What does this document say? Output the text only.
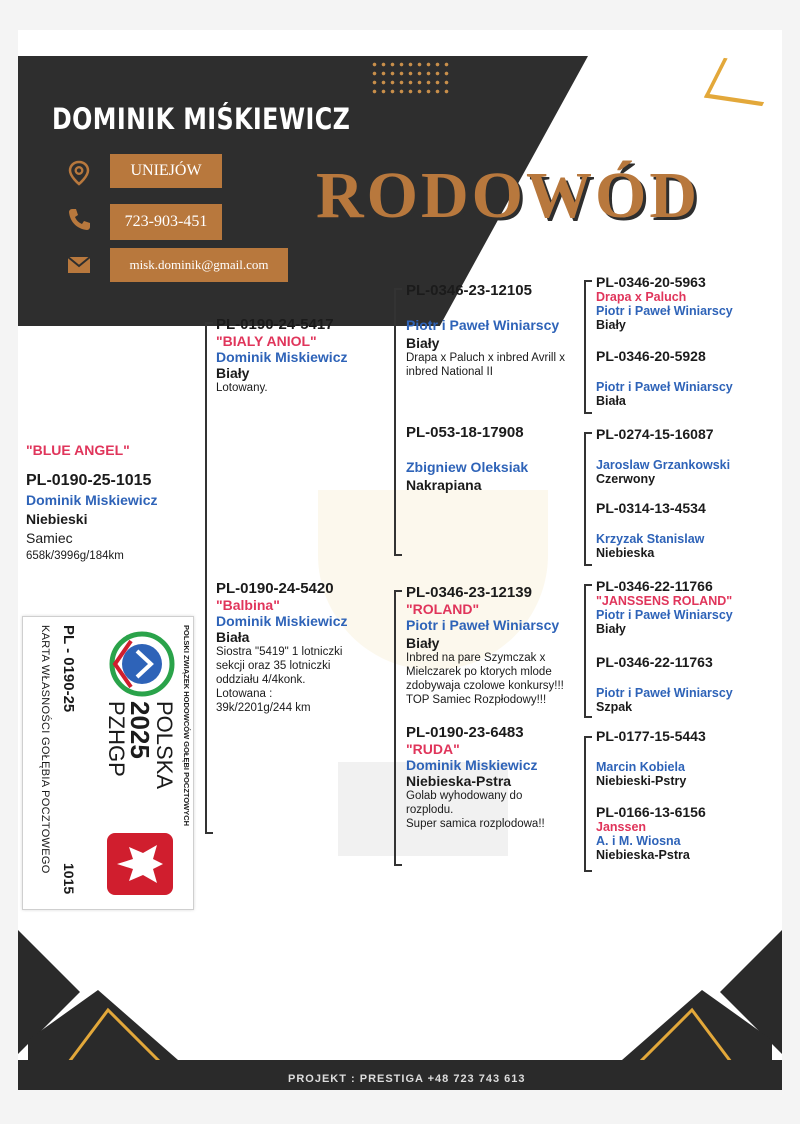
DOMINIK MIŚKIEWICZ
UNIEJÓW
723-903-451
misk.dominik@gmail.com
RODOWÓD
"BLUE ANGEL"
PL-0190-25-1015
Dominik Miskiewicz
Niebieski
Samiec
658k/3996g/184km
PL-0190-24-5417
"BIALY ANIOL"
Dominik Miskiewicz
Biały
Lotowany.
PL-0190-24-5420
"Balbina"
Dominik Miskiewicz
Biała
Siostra "5419" 1 lotniczki
sekcji oraz 35 lotniczki
oddziału 4/4konk.
Lotowana :
39k/2201g/244 km
PL-0346-23-12105
Piotr i Paweł Winiarscy
Biały
Drapa x Paluch x inbred Avrill x
inbred National II
PL-053-18-17908
Zbigniew Oleksiak
Nakrapiana
PL-0346-23-12139
"ROLAND"
Piotr i Paweł Winiarscy
Biały
Inbred na pare Szymczak x
Mielczarek po ktorych mlode
zdobywaja czolowe konkursy!!!
TOP Samiec Rozpłodowy!!!
PL-0190-23-6483
"RUDA"
Dominik Miskiewicz
Niebieska-Pstra
Golab wyhodowany do
rozplodu.
Super samica rozplodowa!!
PL-0346-20-5963
Drapa x Paluch
Piotr i Paweł Winiarscy
Biały
PL-0346-20-5928
Piotr i Paweł Winiarscy
Biała
PL-0274-15-16087
Jaroslaw Grzankowski
Czerwony
PL-0314-13-4534
Krzyzak Stanislaw
Niebieska
PL-0346-22-11766
"JANSSENS ROLAND"
Piotr i Paweł Winiarscy
Biały
PL-0346-22-11763
Piotr i Paweł Winiarscy
Szpak
PL-0177-15-5443
Marcin Kobiela
Niebieski-Pstry
PL-0166-13-6156
Janssen
A. i M. Wiosna
Niebieska-Pstra
POLSKI ZWIĄZEK HODOWCÓW GOŁĘBI POCZTOWYCH
POLSKA
2025
PZHGP
PL - 0190-25
1015
KARTA WŁASNOŚCI GOŁĘBIA POCZTOWEGO
PROJEKT : PRESTIGA +48 723 743 613
